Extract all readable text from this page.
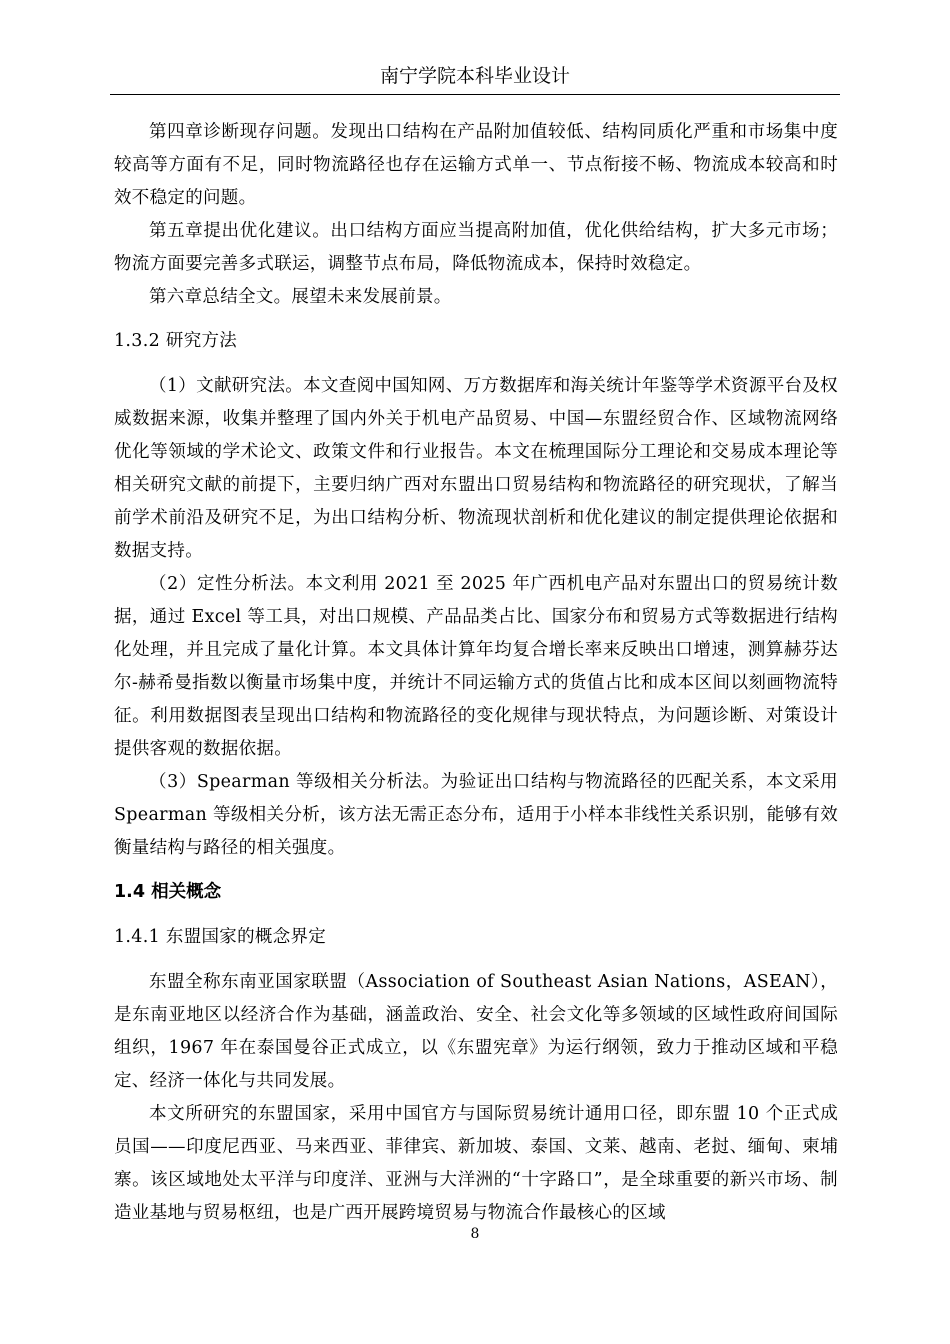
南宁学院本科毕业设计

第四章诊断现存问题。发现出口结构在产品附加值较低、结构同质化严重和市场集中度较高等方面有不足，同时物流路径也存在运输方式单一、节点衔接不畅、物流成本较高和时效不稳定的问题。

第五章提出优化建议。出口结构方面应当提高附加值，优化供给结构，扩大多元市场；物流方面要完善多式联运，调整节点布局，降低物流成本，保持时效稳定。

第六章总结全文。展望未来发展前景。

1.3.2 研究方法

（1）文献研究法。本文查阅中国知网、万方数据库和海关统计年鉴等学术资源平台及权威数据来源，收集并整理了国内外关于机电产品贸易、中国—东盟经贸合作、区域物流网络优化等领域的学术论文、政策文件和行业报告。本文在梳理国际分工理论和交易成本理论等相关研究文献的前提下，主要归纳广西对东盟出口贸易结构和物流路径的研究现状，了解当前学术前沿及研究不足，为出口结构分析、物流现状剖析和优化建议的制定提供理论依据和数据支持。

（2）定性分析法。本文利用 2021 至 2025 年广西机电产品对东盟出口的贸易统计数据，通过 Excel 等工具，对出口规模、产品品类占比、国家分布和贸易方式等数据进行结构化处理，并且完成了量化计算。本文具体计算年均复合增长率来反映出口增速，测算赫芬达尔-赫希曼指数以衡量市场集中度，并统计不同运输方式的货值占比和成本区间以刻画物流特征。利用数据图表呈现出口结构和物流路径的变化规律与现状特点，为问题诊断、对策设计提供客观的数据依据。

（3）Spearman 等级相关分析法。为验证出口结构与物流路径的匹配关系，本文采用 Spearman 等级相关分析，该方法无需正态分布，适用于小样本非线性关系识别，能够有效衡量结构与路径的相关强度。

1.4 相关概念
1.4.1 东盟国家的概念界定

东盟全称东南亚国家联盟（Association of Southeast Asian Nations，ASEAN），是东南亚地区以经济合作为基础，涵盖政治、安全、社会文化等多领域的区域性政府间国际组织，1967 年在泰国曼谷正式成立，以《东盟宪章》为运行纲领，致力于推动区域和平稳定、经济一体化与共同发展。

本文所研究的东盟国家，采用中国官方与国际贸易统计通用口径，即东盟 10 个正式成员国——印度尼西亚、马来西亚、菲律宾、新加坡、泰国、文莱、越南、老挝、缅甸、柬埔寨。该区域地处太平洋与印度洋、亚洲与大洋洲的“十字路口”，是全球重要的新兴市场、制造业基地与贸易枢纽，也是广西开展跨境贸易与物流合作最核心的区域

8
